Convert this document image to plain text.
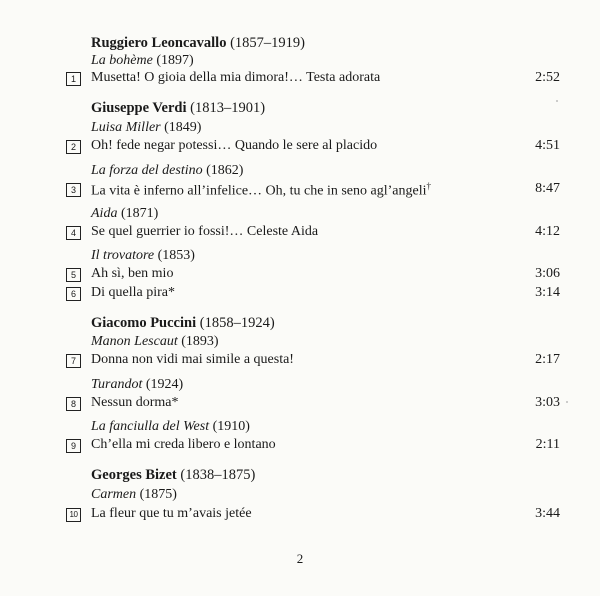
Ruggiero Leoncavallo (1857–1919)
La bohème (1897)
1	Musetta! O gioia della mia dimora!… Testa adorata	2:52
Giuseppe Verdi (1813–1901)
Luisa Miller (1849)
2	Oh! fede negar potessi… Quando le sere al placido	4:51
La forza del destino (1862)
3	La vita è inferno all’infelice… Oh, tu che in seno agl’angeli†	8:47
Aida (1871)
4	Se quel guerrier io fossi!… Celeste Aida	4:12
Il trovatore (1853)
5	Ah sì, ben mio	3:06
6	Di quella pira*	3:14
Giacomo Puccini (1858–1924)
Manon Lescaut (1893)
7	Donna non vidi mai simile a questa!	2:17
Turandot (1924)
8	Nessun dorma*	3:03
La fanciulla del West (1910)
9	Ch’ella mi creda libero e lontano	2:11
Georges Bizet (1838–1875)
Carmen (1875)
10 La fleur que tu m’avais jetée	3:44
2
